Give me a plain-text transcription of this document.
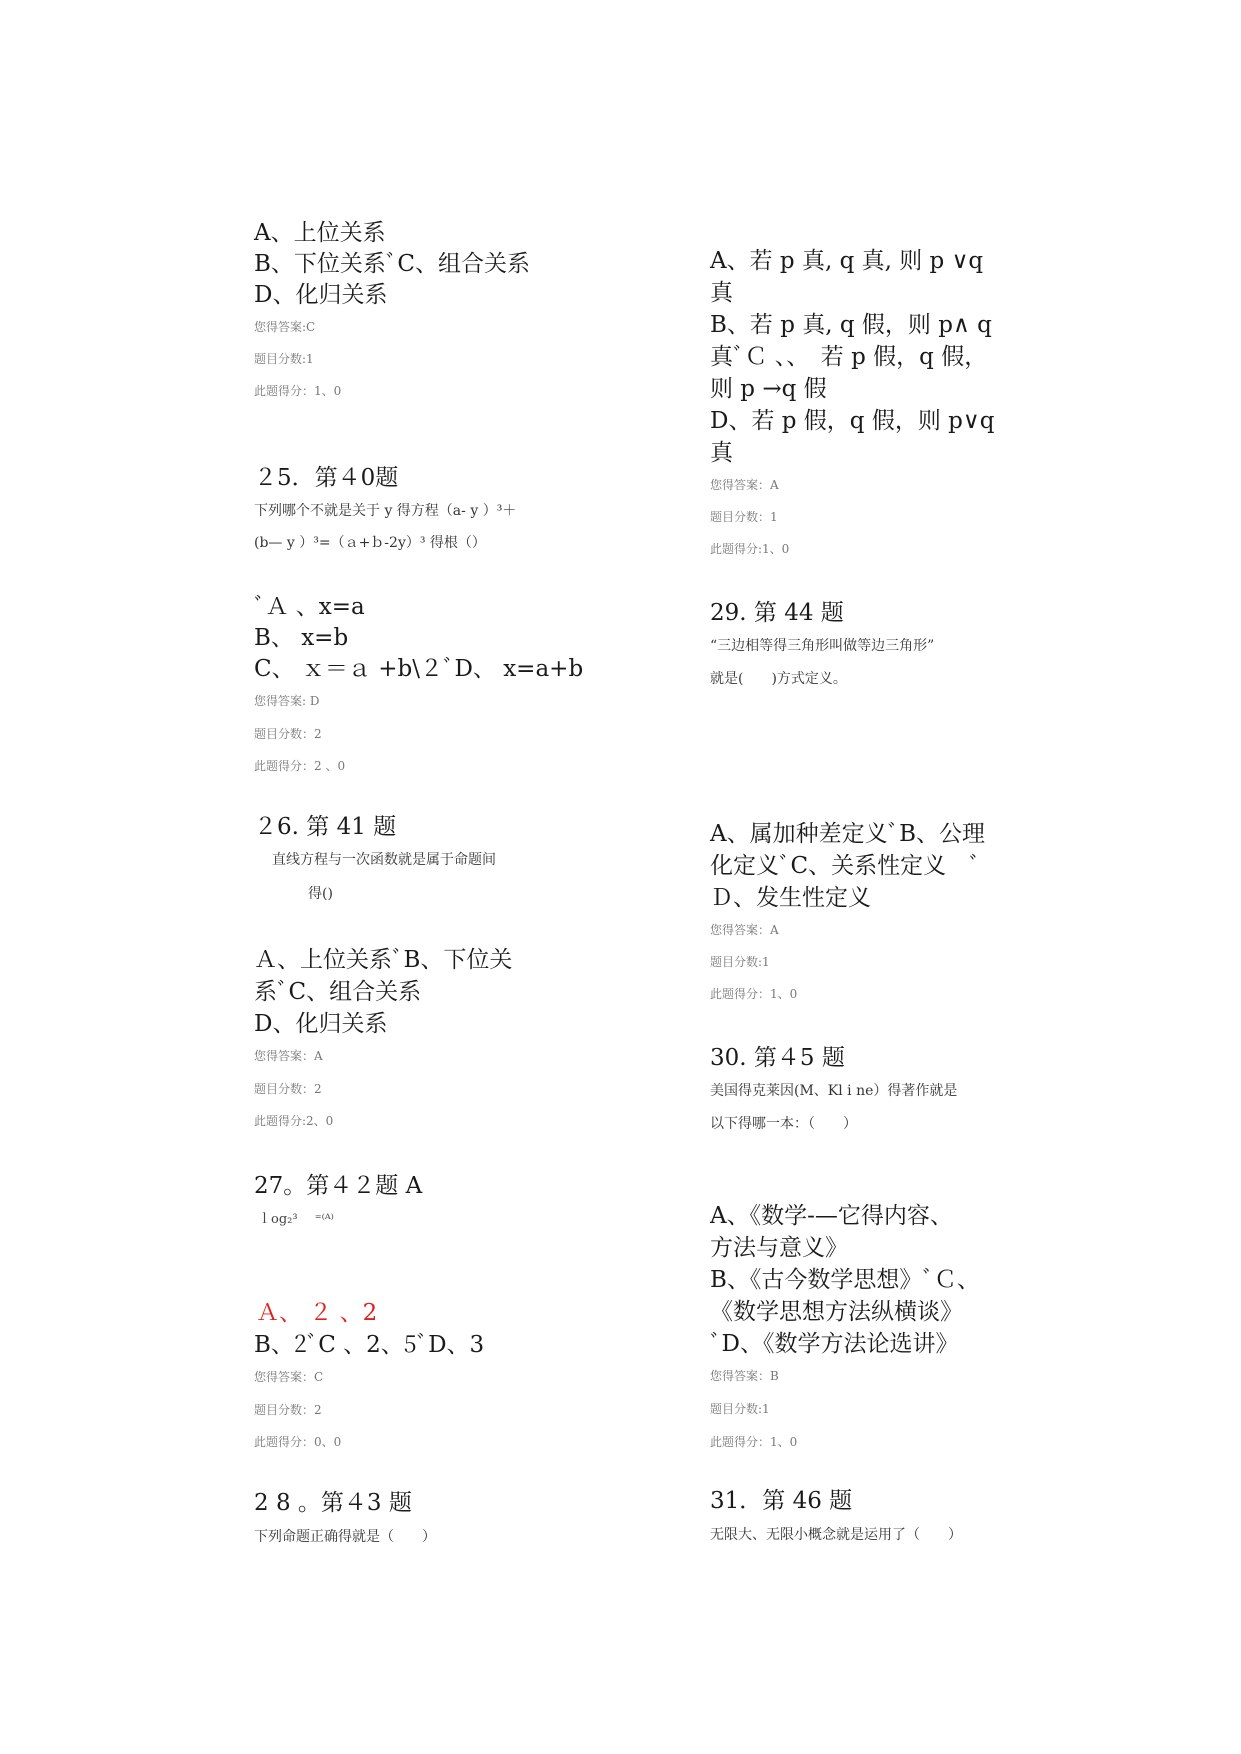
A、上位关系
B、下位关系ﾞC、组合关系
D、化归关系
您得答案:C
题目分数:1
此题得分：1、0
２5．第４0题
下列哪个不就是关于 y 得方程（a- y ）³＋
(b— y ）³=（ａ+ｂ-2y）³ 得根（）
ﾞＡ 、x=a
B、 x=b
C、 ｘ＝ａ +b\２ﾞD、 x=a+b
您得答案: D
题目分数：2
此题得分：2 、0
２6. 第 41 题
直线方程与一次函数就是属于命题间
得()
Ａ、上位关系ﾞB、下位关
系ﾞC、组合关系
D、化归关系
您得答案：A
题目分数：2
此题得分:2、0
27。第４２题 A
ｌog₂³　 ⁼⁽ᴬ⁾
Ａ、 ２ 、2
B、2ﾞC 、2、5ﾞD、3
您得答案：C
题目分数：2
此题得分：0、0
2 8 。第４3 题
下列命题正确得就是（　　）
A、若 p 真, q 真, 则 p ∨q
真
B、若 p 真, q 假，则 p∧ q
真ﾞＣ 、、　若 p 假，q 假，
则 p →q 假
D、若 p 假，q 假，则 p∨q
真
您得答案：A
题目分数：1
此题得分:1、0
29. 第 44 题
“三边相等得三角形叫做等边三角形”
就是(　　)方式定义。
A、属加种差定义ﾞB、公理
化定义ﾞC、关系性定义　ﾞ
Ｄ、发生性定义
您得答案：A
题目分数:1
此题得分：1、0
30. 第４5 题
美国得克莱因(M、Kl i ne）得著作就是
以下得哪一本：（　　）
A、《数学-—它得内容、
方法与意义》
B、《古今数学思想》ﾞＣ、
《数学思想方法纵横谈》
ﾞD、《数学方法论选讲》
您得答案：B
题目分数:1
此题得分：1、0
31．第 46 题
无限大、无限小概念就是运用了（　　）
